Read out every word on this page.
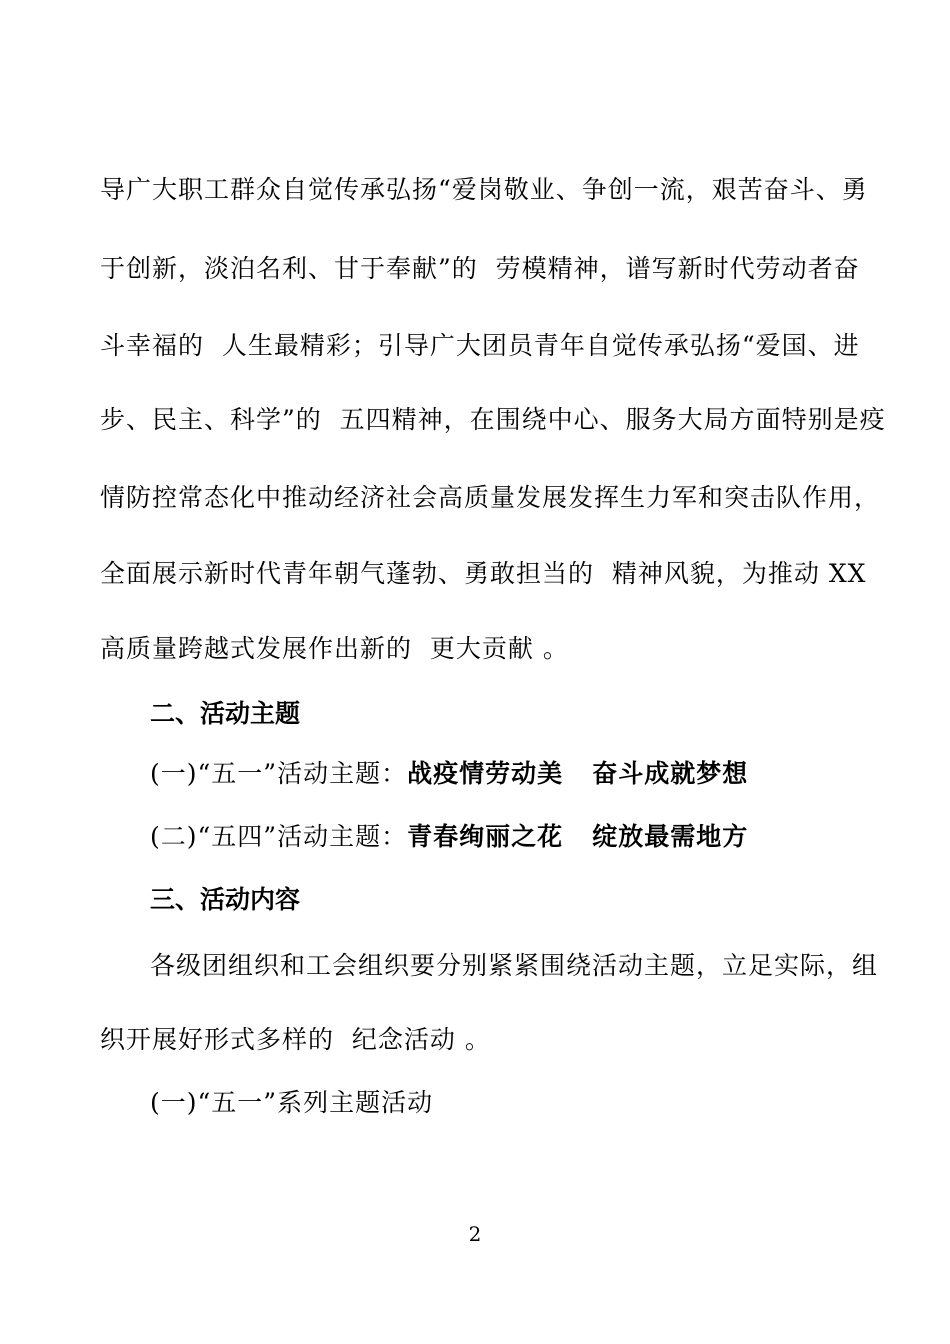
导广大职工群众自觉传承弘扬“爱岗敬业、争创一流，艰苦奋斗、勇

于创新，淡泊名利、甘于奉献”的  劳模精神，谱写新时代劳动者奋

斗幸福的  人生最精彩；引导广大团员青年自觉传承弘扬“爱国、进

步、民主、科学”的  五四精神，在围绕中心、服务大局方面特别是疫

情防控常态化中推动经济社会高质量发展发挥生力军和突击队作用，

全面展示新时代青年朝气蓬勃、勇敢担当的  精神风貌，为推动 XX

高质量跨越式发展作出新的  更大贡献 。

二、活动主题

(一)“五一”活动主题：战疫情劳动美   奋斗成就梦想

(二)“五四”活动主题：青春绚丽之花   绽放最需地方

三、活动内容

各级团组织和工会组织要分别紧紧围绕活动主题，立足实际，组

织开展好形式多样的  纪念活动 。

(一)“五一”系列主题活动

2
